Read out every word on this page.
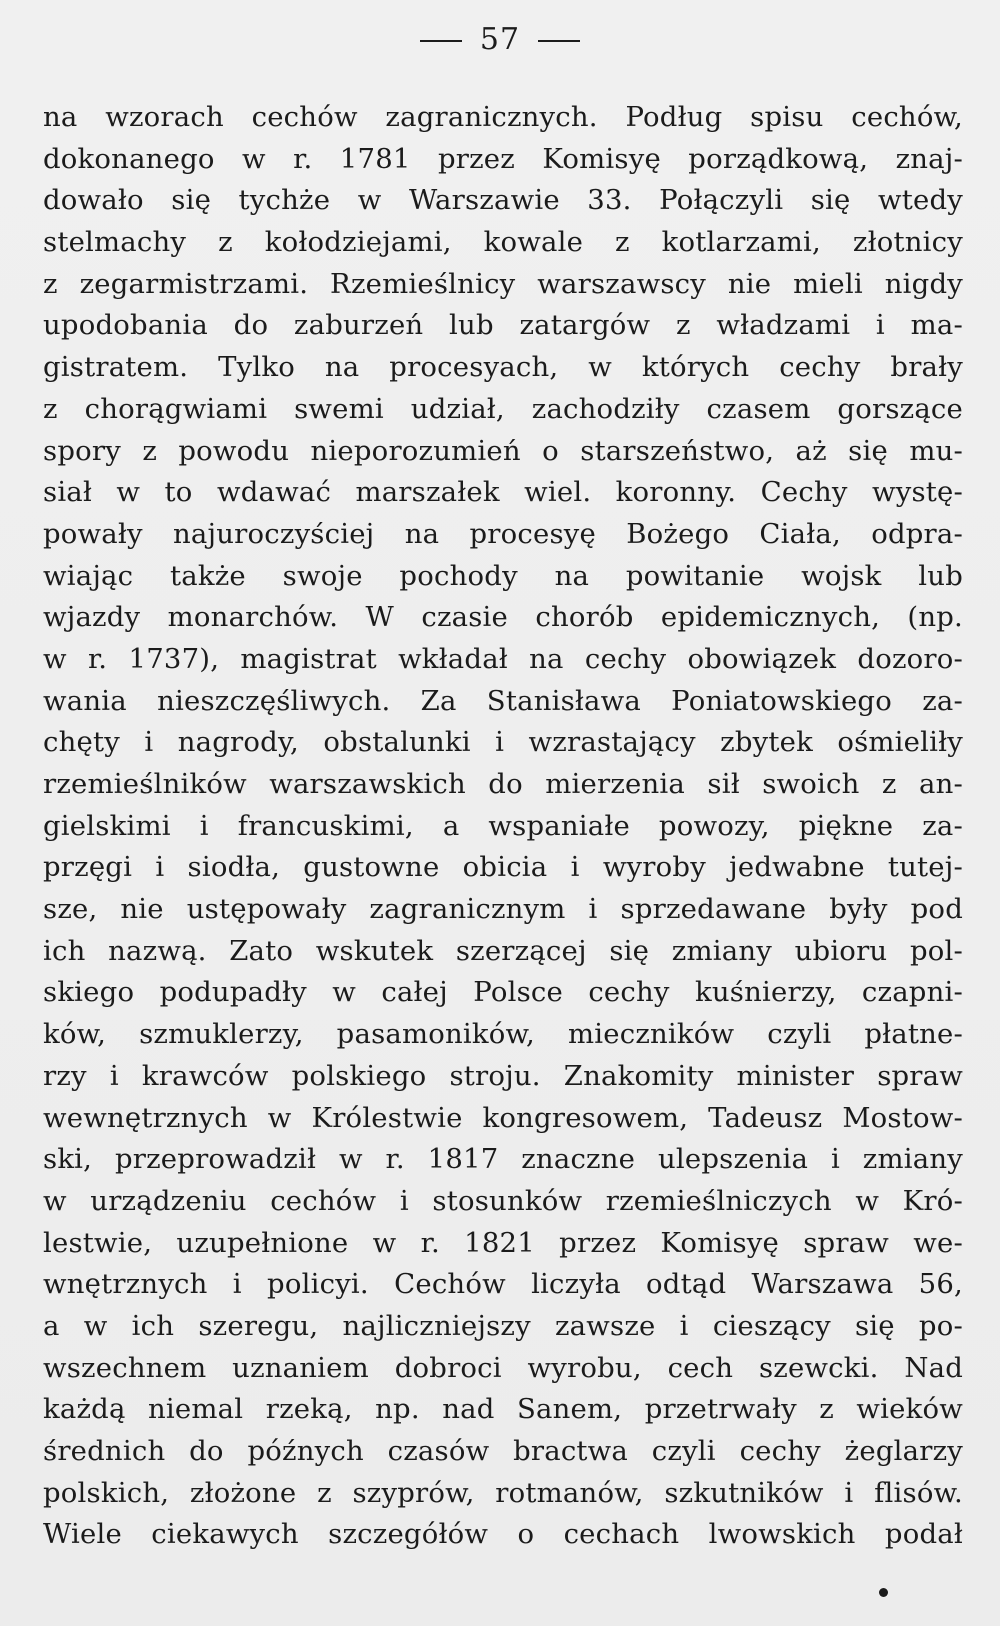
57
na wzorach cechów zagranicznych. Podług spisu cechów,
dokonanego w r. 1781 przez Komisyę porządkową, znaj-
dowało się tychże w Warszawie 33. Połączyli się wtedy
stelmachy z kołodziejami, kowale z kotlarzami, złotnicy
z zegarmistrzami. Rzemieślnicy warszawscy nie mieli nigdy
upodobania do zaburzeń lub zatargów z władzami i ma-
gistratem. Tylko na procesyach, w których cechy brały
z chorągwiami swemi udział, zachodziły czasem gorszące
spory z powodu nieporozumień o starszeństwo, aż się mu-
siał w to wdawać marszałek wiel. koronny. Cechy wystę-
powały najuroczyściej na procesyę Bożego Ciała, odpra-
wiając także swoje pochody na powitanie wojsk lub
wjazdy monarchów. W czasie chorób epidemicznych, (np.
w r. 1737), magistrat wkładał na cechy obowiązek dozoro-
wania nieszczęśliwych. Za Stanisława Poniatowskiego za-
chęty i nagrody, obstalunki i wzrastający zbytek ośmieliły
rzemieślników warszawskich do mierzenia sił swoich z an-
gielskimi i francuskimi, a wspaniałe powozy, piękne za-
przęgi i siodła, gustowne obicia i wyroby jedwabne tutej-
sze, nie ustępowały zagranicznym i sprzedawane były pod
ich nazwą. Zato wskutek szerzącej się zmiany ubioru pol-
skiego podupadły w całej Polsce cechy kuśnierzy, czapni-
ków, szmuklerzy, pasamoników, mieczników czyli płatne-
rzy i krawców polskiego stroju. Znakomity minister spraw
wewnętrznych w Królestwie kongresowem, Tadeusz Mostow-
ski, przeprowadził w r. 1817 znaczne ulepszenia i zmiany
w urządzeniu cechów i stosunków rzemieślniczych w Kró-
lestwie, uzupełnione w r. 1821 przez Komisyę spraw we-
wnętrznych i policyi. Cechów liczyła odtąd Warszawa 56,
a w ich szeregu, najliczniejszy zawsze i cieszący się po-
wszechnem uznaniem dobroci wyrobu, cech szewcki. Nad
każdą niemal rzeką, np. nad Sanem, przetrwały z wieków
średnich do późnych czasów bractwa czyli cechy żeglarzy
polskich, złożone z szyprów, rotmanów, szkutników i flisów.
Wiele ciekawych szczegółów o cechach lwowskich podał
